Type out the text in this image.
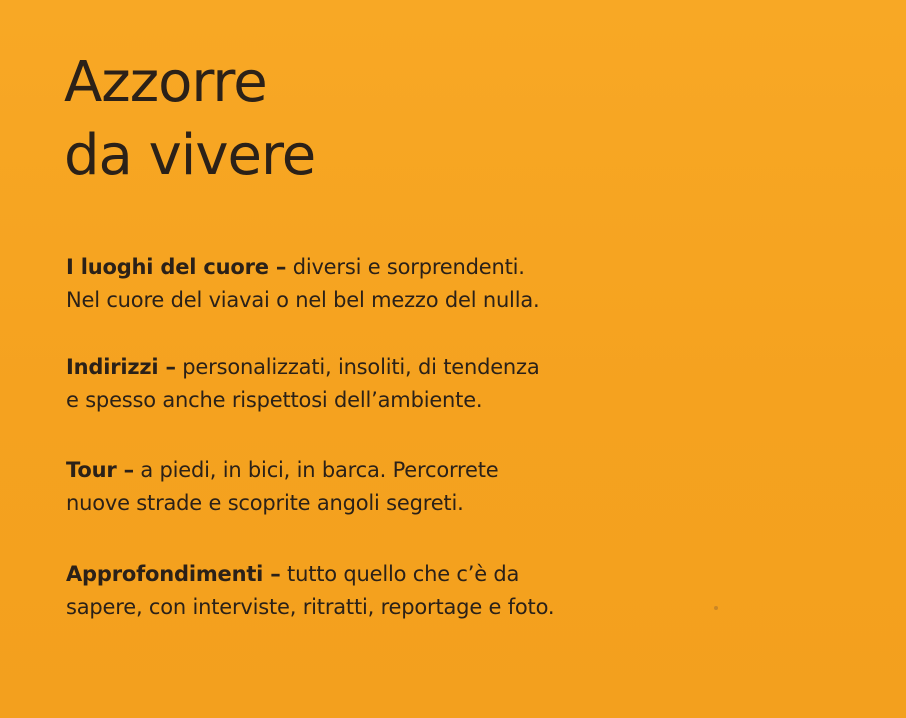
Azzorre
da vivere

I luoghi del cuore – diversi e sorprendenti.
Nel cuore del viavai o nel bel mezzo del nulla.

Indirizzi – personalizzati, insoliti, di tendenza
e spesso anche rispettosi dell’ambiente.

Tour – a piedi, in bici, in barca. Percorrete
nuove strade e scoprite angoli segreti.

Approfondimenti – tutto quello che c’è da
sapere, con interviste, ritratti, reportage e foto.
